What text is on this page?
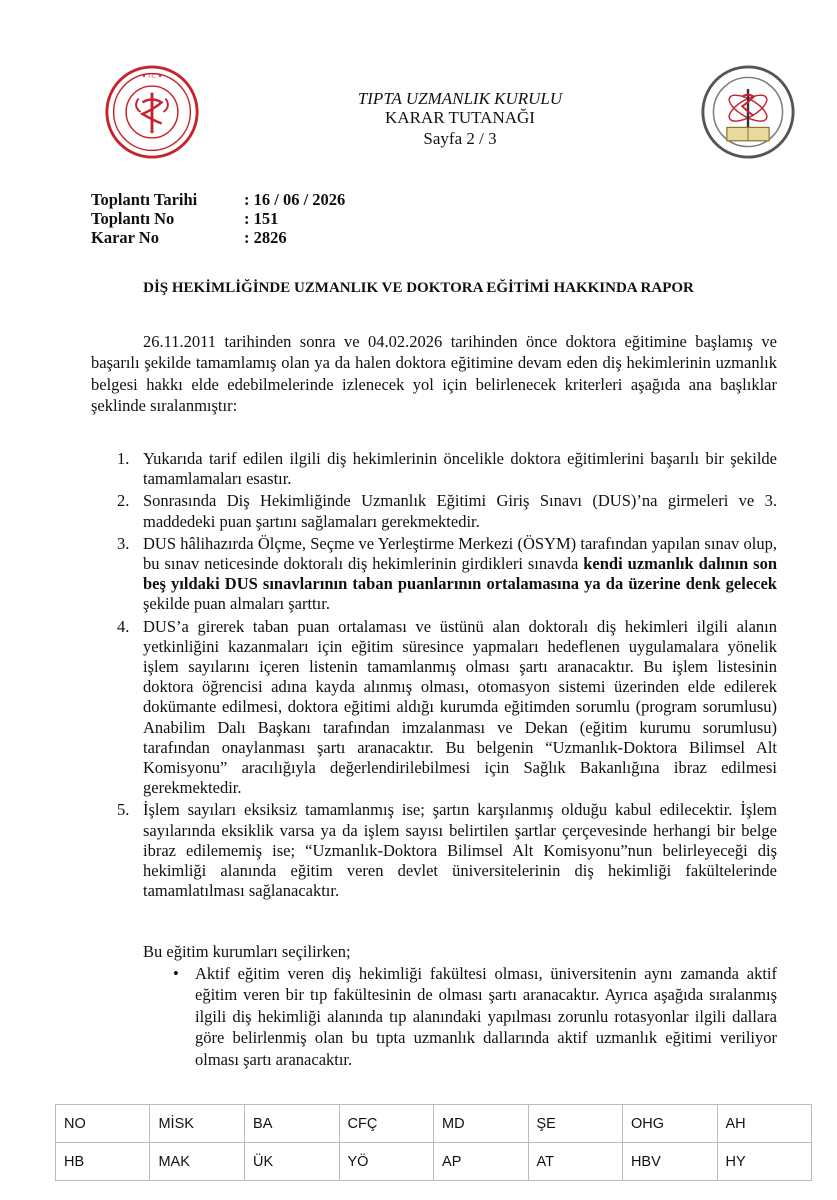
★ T.C. ★
TIPTA UZMANLIK KURULU
KARAR TUTANAĞI
Sayfa 2 / 3
Toplantı Tarihi	: 16 / 06 / 2026
Toplantı No	: 151
Karar No	: 2826
DİŞ HEKİMLİĞİNDE UZMANLIK VE DOKTORA EĞİTİMİ HAKKINDA RAPOR
26.11.2011 tarihinden sonra ve 04.02.2026 tarihinden önce doktora eğitimine başlamış ve başarılı şekilde tamamlamış olan ya da halen doktora eğitimine devam eden diş hekimlerinin uzmanlık belgesi hakkı elde edebilmelerinde izlenecek yol için belirlenecek kriterleri aşağıda ana başlıklar şeklinde sıralanmıştır:
1. Yukarıda tarif edilen ilgili diş hekimlerinin öncelikle doktora eğitimlerini başarılı bir şekilde tamamlamaları esastır.
2. Sonrasında Diş Hekimliğinde Uzmanlık Eğitimi Giriş Sınavı (DUS)’na girmeleri ve 3. maddedeki puan şartını sağlamaları gerekmektedir.
3. DUS hâlihazırda Ölçme, Seçme ve Yerleştirme Merkezi (ÖSYM) tarafından yapılan sınav olup, bu sınav neticesinde doktoralı diş hekimlerinin girdikleri sınavda kendi uzmanlık dalının son beş yıldaki DUS sınavlarının taban puanlarının ortalamasına ya da üzerine denk gelecek şekilde puan almaları şarttır.
4. DUS’a girerek taban puan ortalaması ve üstünü alan doktoralı diş hekimleri ilgili alanın yetkinliğini kazanmaları için eğitim süresince yapmaları hedeflenen uygulamalara yönelik işlem sayılarını içeren listenin tamamlanmış olması şartı aranacaktır. Bu işlem listesinin doktora öğrencisi adına kayda alınmış olması, otomasyon sistemi üzerinden elde edilerek dokümante edilmesi, doktora eğitimi aldığı kurumda eğitimden sorumlu (program sorumlusu) Anabilim Dalı Başkanı tarafından imzalanması ve Dekan (eğitim kurumu sorumlusu) tarafından onaylanması şartı aranacaktır. Bu belgenin “Uzmanlık-Doktora Bilimsel Alt Komisyonu” aracılığıyla değerlendirilebilmesi için Sağlık Bakanlığına ibraz edilmesi gerekmektedir.
5. İşlem sayıları eksiksiz tamamlanmış ise; şartın karşılanmış olduğu kabul edilecektir. İşlem sayılarında eksiklik varsa ya da işlem sayısı belirtilen şartlar çerçevesinde herhangi bir belge ibraz edilememiş ise; “Uzmanlık-Doktora Bilimsel Alt Komisyonu”nun belirleyeceği diş hekimliği alanında eğitim veren devlet üniversitelerinin diş hekimliği fakültelerinde tamamlatılması sağlanacaktır.
Bu eğitim kurumları seçilirken;
• Aktif eğitim veren diş hekimliği fakültesi olması, üniversitenin aynı zamanda aktif eğitim veren bir tıp fakültesinin de olması şartı aranacaktır. Ayrıca aşağıda sıralanmış ilgili diş hekimliği alanında tıp alanındaki yapılması zorunlu rotasyonlar ilgili dallara göre belirlenmiş olan bu tıpta uzmanlık dallarında aktif uzmanlık eğitimi veriliyor olması şartı aranacaktır.
NO	MİSK	BA	CFÇ	MD	ŞE	OHG	AH
HB	MAK	ÜK	YÖ	AP	AT	HBV	HY
